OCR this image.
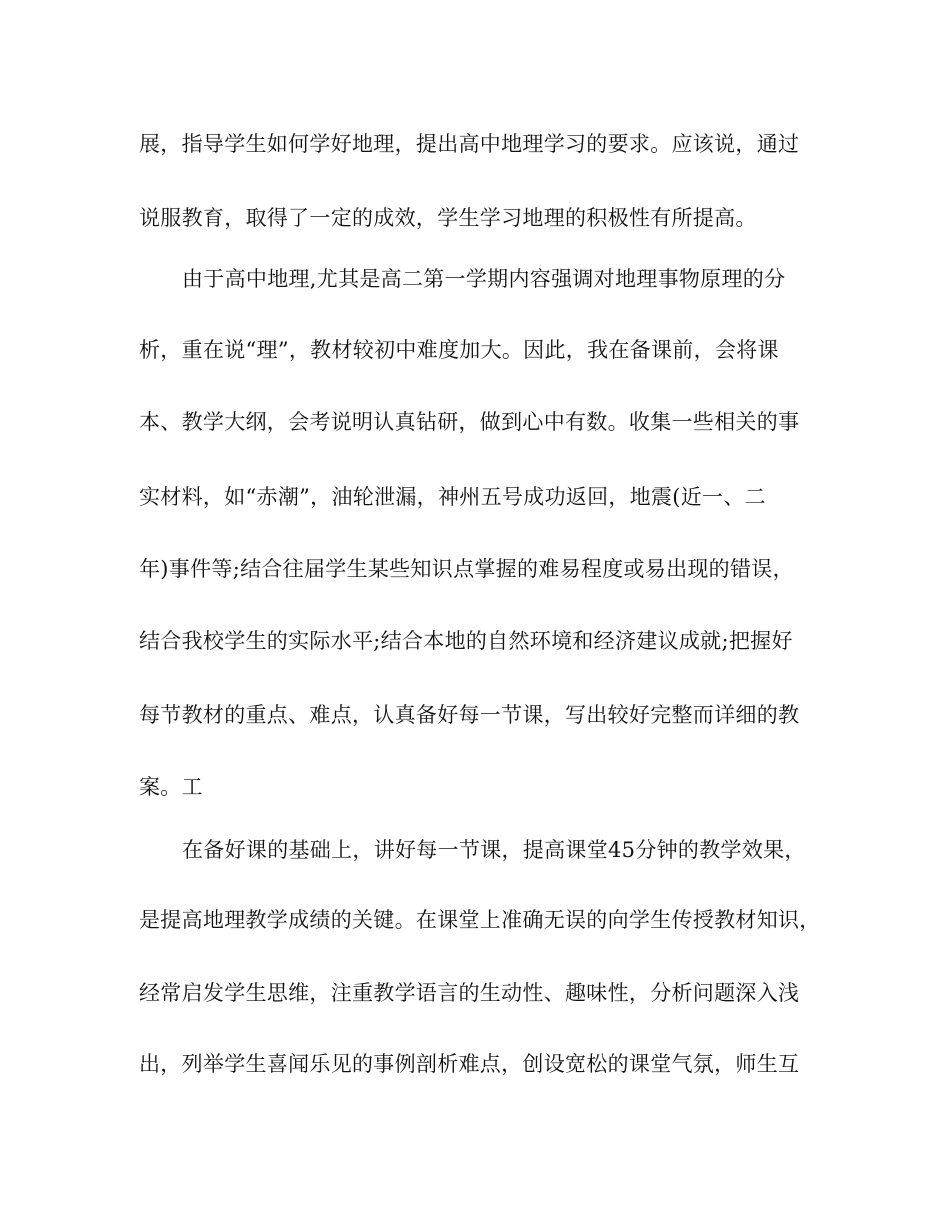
展，指导学生如何学好地理，提出高中地理学习的要求。应该说，通过
说服教育，取得了一定的成效，学生学习地理的积极性有所提高。
由于高中地理,尤其是高二第一学期内容强调对地理事物原理的分
析，重在说“理”，教材较初中难度加大。因此，我在备课前，会将课
本、教学大纲，会考说明认真钻研，做到心中有数。收集一些相关的事
实材料，如“赤潮”，油轮泄漏，神州五号成功返回，地震(近一、二
年)事件等;结合往届学生某些知识点掌握的难易程度或易出现的错误，
结合我校学生的实际水平;结合本地的自然环境和经济建议成就;把握好
每节教材的重点、难点，认真备好每一节课，写出较好完整而详细的教
案。工
在备好课的基础上，讲好每一节课，提高课堂45分钟的教学效果，
是提高地理教学成绩的关键。在课堂上准确无误的向学生传授教材知识，
经常启发学生思维，注重教学语言的生动性、趣味性，分析问题深入浅
出，列举学生喜闻乐见的事例剖析难点，创设宽松的课堂气氛，师生互
